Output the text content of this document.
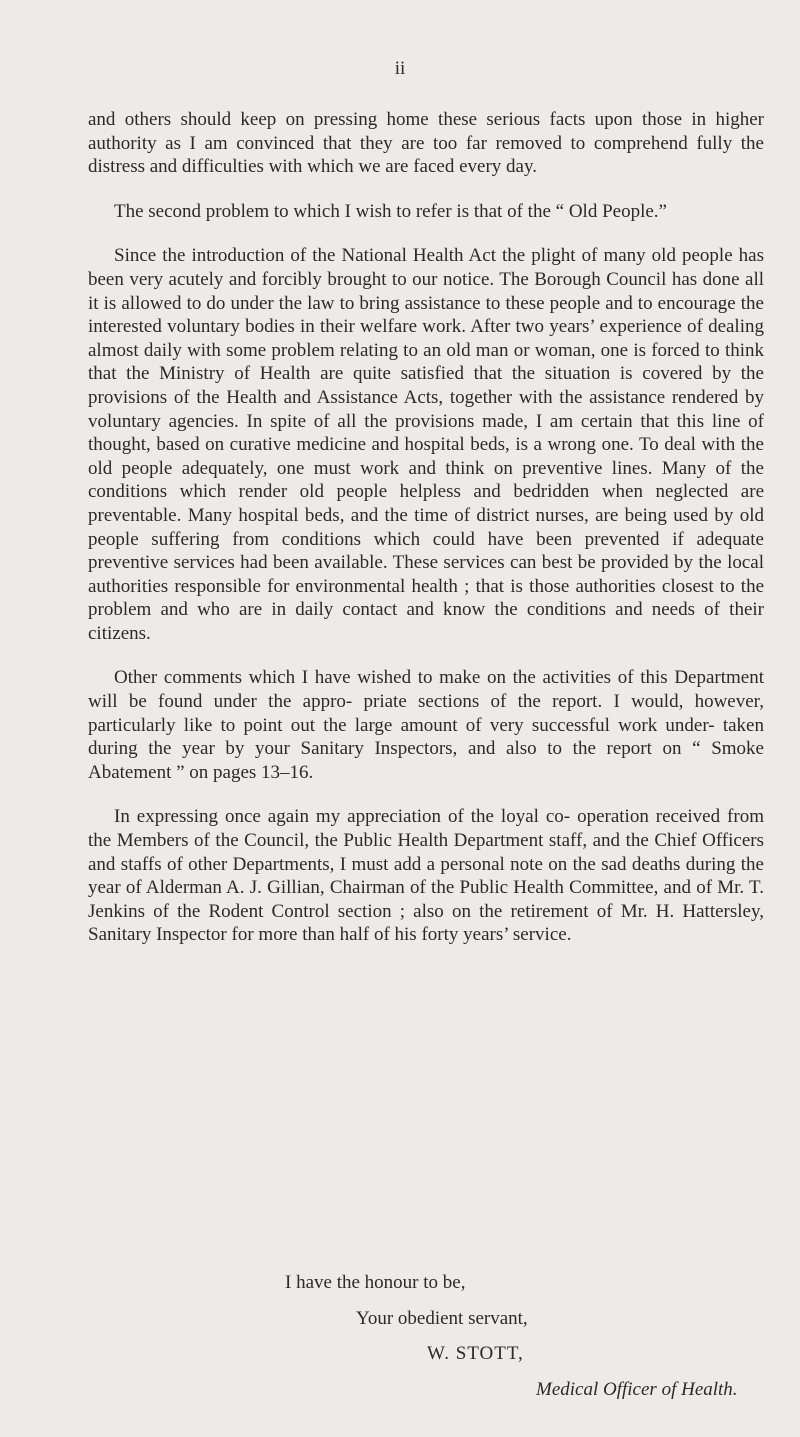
ii

and others should keep on pressing home these serious facts upon those in higher authority as I am convinced that they are too far removed to comprehend fully the distress and difficulties with which we are faced every day.

The second problem to which I wish to refer is that of the “ Old People.”

Since the introduction of the National Health Act the plight of many old people has been very acutely and forcibly brought to our notice. The Borough Council has done all it is allowed to do under the law to bring assistance to these people and to encourage the interested voluntary bodies in their welfare work. After two years’ experience of dealing almost daily with some problem relating to an old man or woman, one is forced to think that the Ministry of Health are quite satisfied that the situation is covered by the provisions of the Health and Assistance Acts, together with the assistance rendered by voluntary agencies. In spite of all the provisions made, I am certain that this line of thought, based on curative medicine and hospital beds, is a wrong one. To deal with the old people adequately, one must work and think on preventive lines. Many of the conditions which render old people helpless and bedridden when neglected are preventable. Many hospital beds, and the time of district nurses, are being used by old people suffering from conditions which could have been prevented if adequate preventive services had been available. These services can best be provided by the local authorities responsible for environmental health ; that is those authorities closest to the problem and who are in daily contact and know the conditions and needs of their citizens.

Other comments which I have wished to make on the activities of this Department will be found under the appro- priate sections of the report. I would, however, particularly like to point out the large amount of very successful work under- taken during the year by your Sanitary Inspectors, and also to the report on “ Smoke Abatement ” on pages 13–16.

In expressing once again my appreciation of the loyal co- operation received from the Members of the Council, the Public Health Department staff, and the Chief Officers and staffs of other Departments, I must add a personal note on the sad deaths during the year of Alderman A. J. Gillian, Chairman of the Public Health Committee, and of Mr. T. Jenkins of the Rodent Control section ; also on the retirement of Mr. H. Hattersley, Sanitary Inspector for more than half of his forty years’ service.

I have the honour to be,
Your obedient servant,
W. STOTT,
Medical Officer of Health.
